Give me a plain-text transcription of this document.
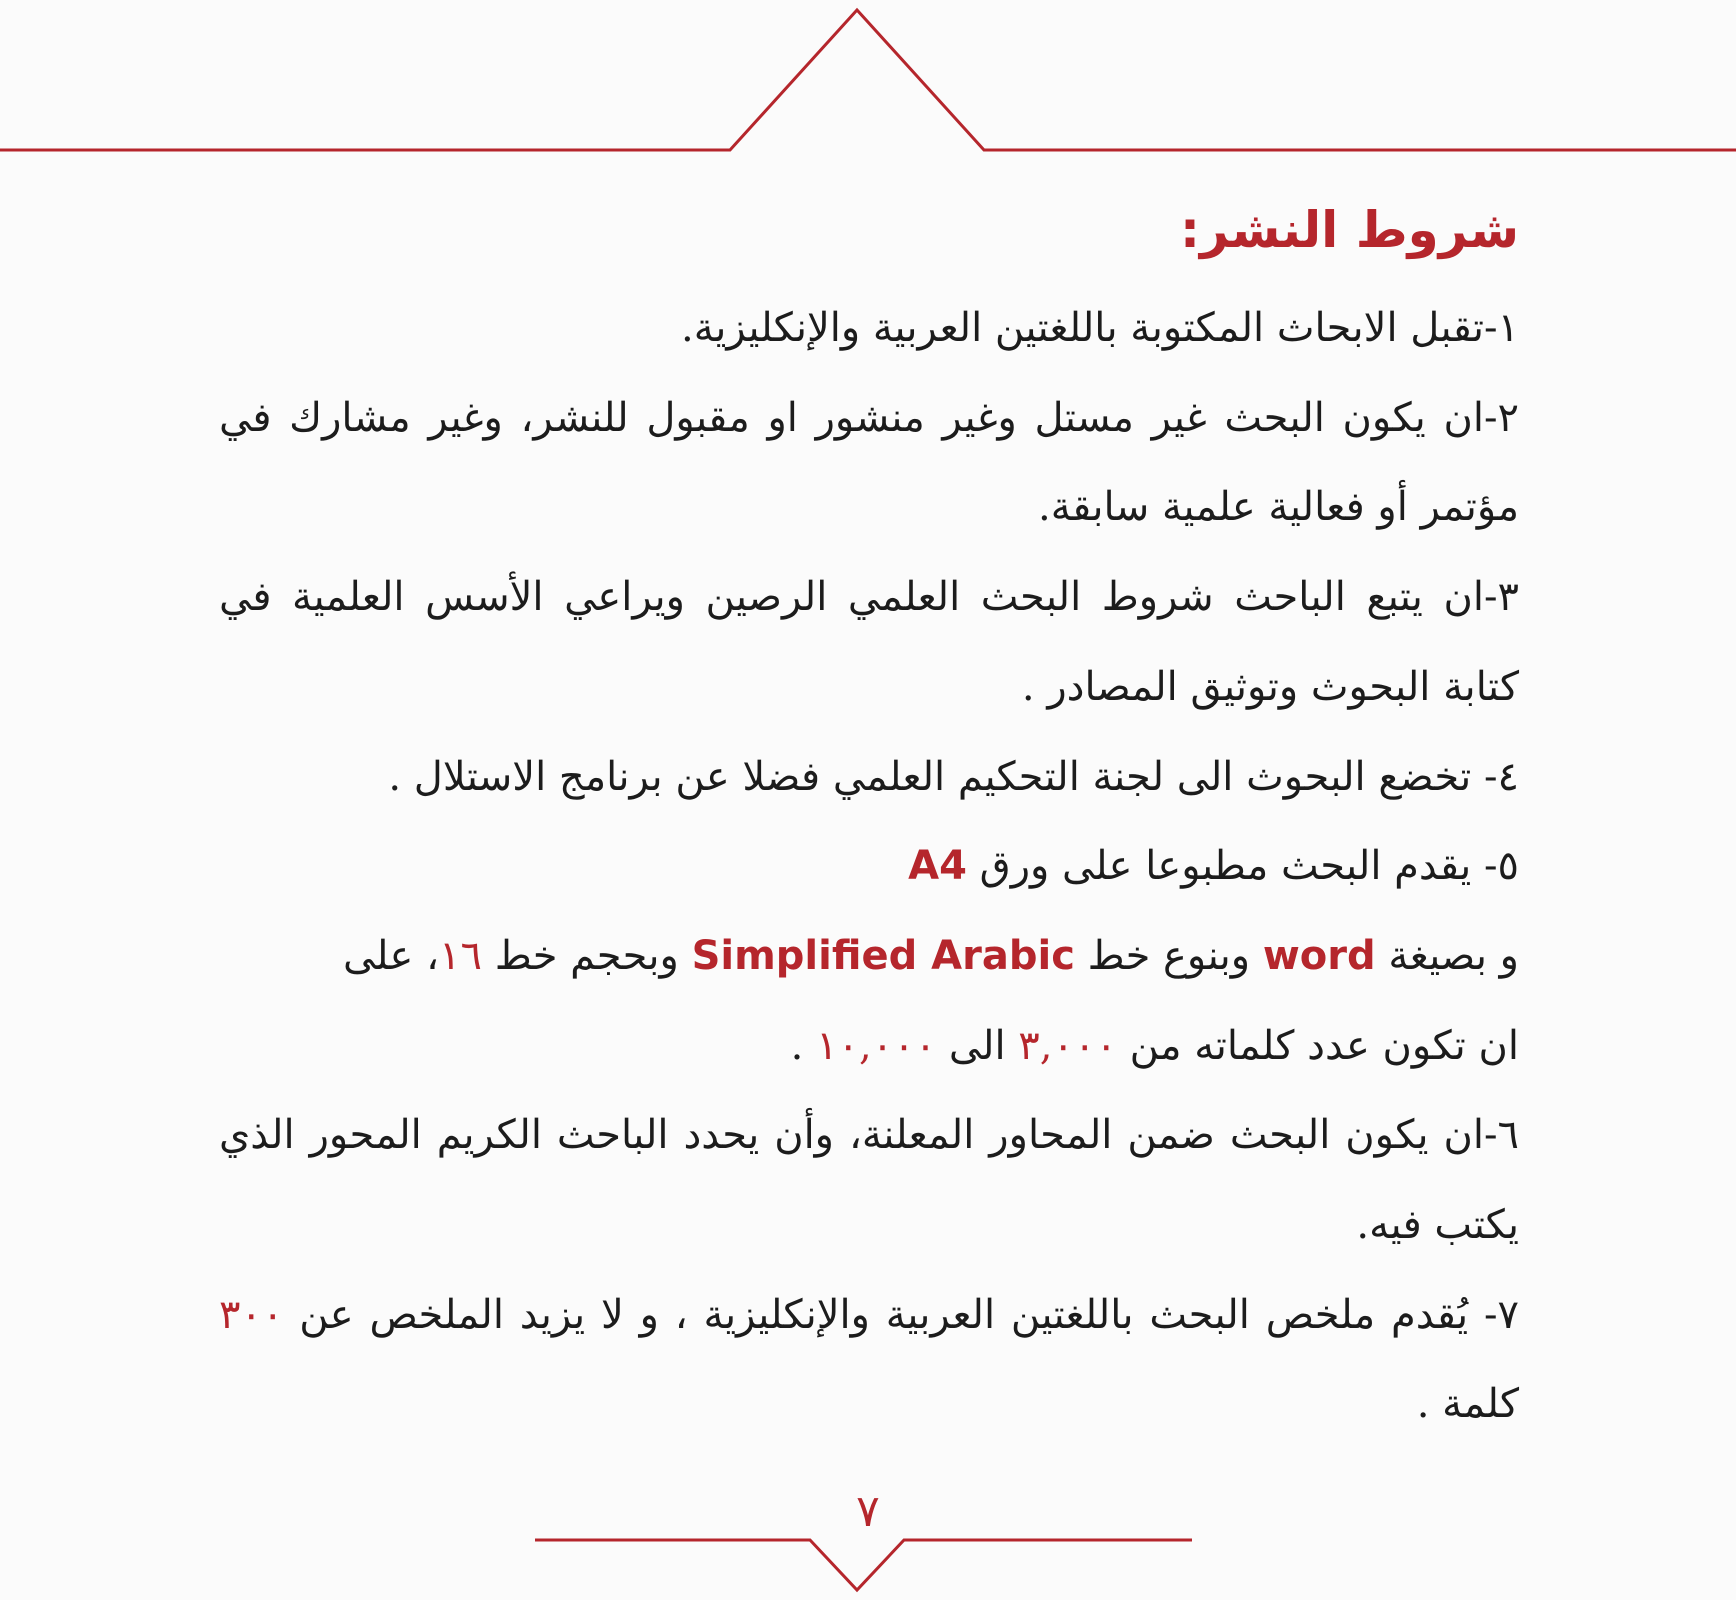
شروط النشر:

١-تقبل الابحاث المكتوبة باللغتين العربية والإنكليزية.

٢-ان يكون البحث غير مستل وغير منشور او مقبول للنشر، وغير مشارك في مؤتمر أو فعالية علمية سابقة.

٣-ان يتبع الباحث شروط البحث العلمي الرصين ويراعي الأسس العلمية في كتابة البحوث وتوثيق المصادر .

٤- تخضع البحوث الى لجنة التحكيم العلمي فضلا عن برنامج الاستلال .

٥- يقدم البحث مطبوعا على ورق A4

و بصيغة word وبنوع خط Simplified Arabic وبحجم خط ١٦، على

ان تكون عدد كلماته من ٣,٠٠٠ الى ١٠,٠٠٠ .

٦-ان يكون البحث ضمن المحاور المعلنة، وأن يحدد الباحث الكريم المحور الذي يكتب فيه.

٧- يُقدم ملخص البحث باللغتين العربية والإنكليزية ، و لا يزيد الملخص عن ٣٠٠ كلمة .

٧
